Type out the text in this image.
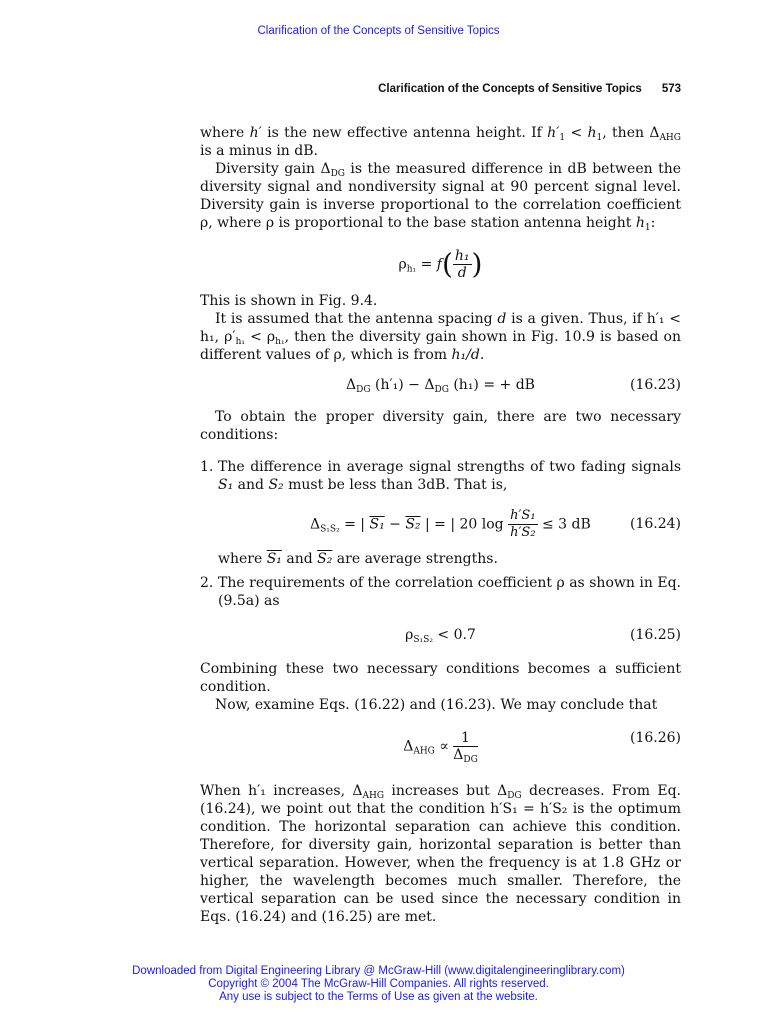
Clarification of the Concepts of Sensitive Topics
Clarification of the Concepts of Sensitive Topics 573

where h′ is the new effective antenna height. If $h'_1 < h_1$, then $\Delta_{AHG}$ is a minus in dB.

Diversity gain $\Delta_{DG}$ is the measured difference in dB between the diversity signal and nondiversity signal at 90 percent signal level. Diversity gain is inverse proportional to the correlation coefficient ρ, where ρ is proportional to the base station antenna height $h_1$:

$\rho_{h_1} = f( \frac{\text{h₁}}{d}$ )

This is shown in Fig. 9.4.

It is assumed that the antenna spacing d is a given. Thus, if h′₁ < h₁, $\rho'_{h_1} < \rho_{h_1}$, then the diversity gain shown in Fig. 10.9 is based on different values of ρ, which is from h₁/d.

$\Delta_{DG}$ $(h'_1) - \Delta_{DG}$ (h₁) = + dB	(16.23)

To obtain the proper diversity gain, there are two necessary conditions:

1. The difference in average signal strengths of two fading signals S₁ and S₂ must be less than 3dB. That is,

$\Delta_{S_1S_2}$ = | S₁ − S₂ | = | 20 $\log \frac{\text{h′S₁}}{\text{h′S₂}} \le 3$ dB	(16.24)

where S₁ and S₂ are average strengths.

2. The requirements of the correlation coefficient ρ as shown in Eq. (9.5a) as

$\rho_{S_1S_2} < 0.7$	(16.25)

Combining these two necessary conditions becomes a sufficient condition.

Now, examine Eqs. (16.22) and (16.23). We may conclude that

$\Delta_{AHG} \propto \frac{1}{\Delta_{DG}}$	(16.26)

When h′₁ increases, $\Delta_{AHG}$ increases but $\Delta_{DG}$ decreases. From Eq. (16.24), we point out that the condition h′S₁ = h′S₂ is the optimum condition. The horizontal separation can achieve this condition. Therefore, for diversity gain, horizontal separation is better than vertical separation. However, when the frequency is at 1.8 GHz or higher, the wavelength becomes much smaller. Therefore, the vertical separation can be used since the necessary condition in Eqs. (16.24) and (16.25) are met.

Downloaded from Digital Engineering Library @ McGraw-Hill (www.digitalengineeringlibrary.com)
Copyright © 2004 The McGraw-Hill Companies. All rights reserved.
Any use is subject to the Terms of Use as given at the website.
